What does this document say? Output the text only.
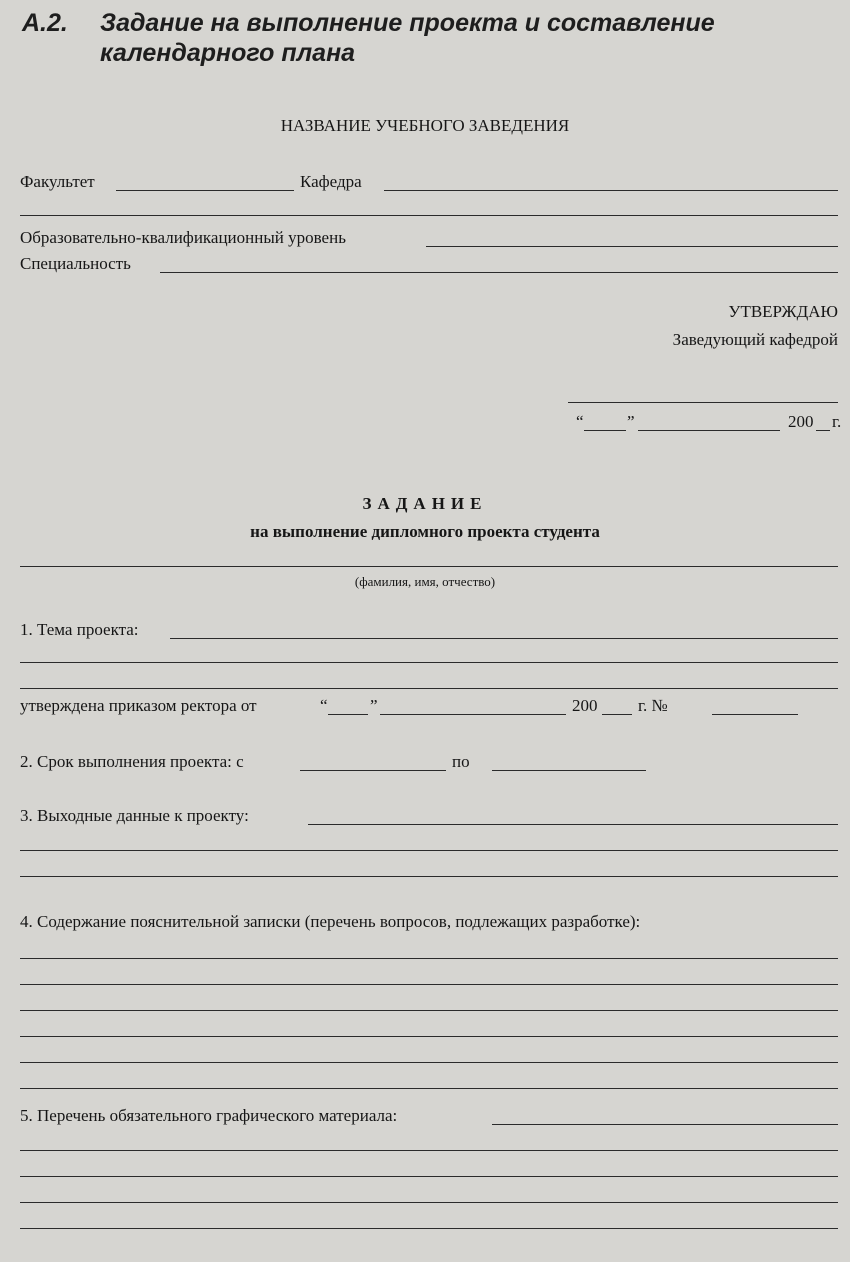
А.2. Задание на выполнение проекта и составление
календарного плана
НАЗВАНИЕ УЧЕБНОГО ЗАВЕДЕНИЯ
Факультет	Кафедра
Образовательно-квалификационный уровень
Специальность
УТВЕРЖДАЮ
Заведующий кафедрой
“	”	200 г.
ЗАДАНИЕ
на выполнение дипломного проекта студента
(фамилия, имя, отчество)
1. Тема проекта:
утверждена приказом ректора от	“ ”	200 г. №
2. Срок выполнения проекта: с	по
3. Выходные данные к проекту:
4. Содержание пояснительной записки (перечень вопросов, подлежащих разработке):
5. Перечень обязательного графического материала:
